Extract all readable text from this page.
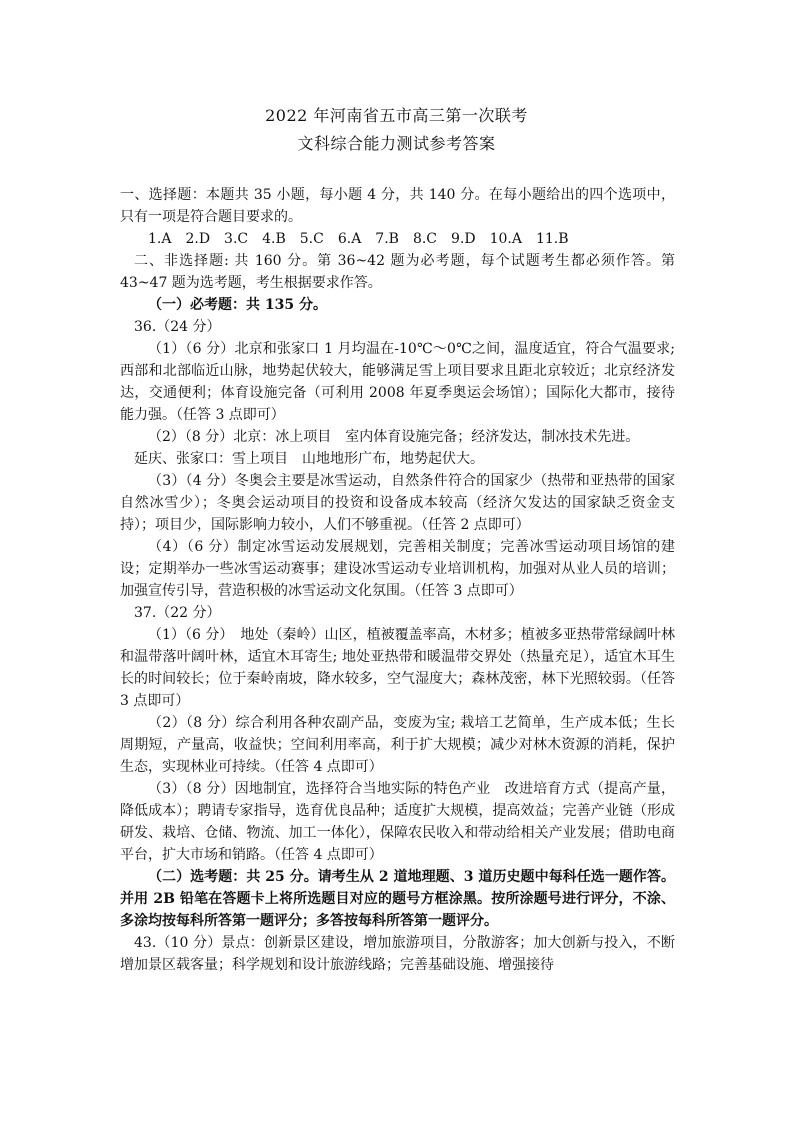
2022 年河南省五市高三第一次联考
文科综合能力测试参考答案

一、选择题：本题共 35 小题，每小题 4 分，共 140 分。在每小题给出的四个选项中，只有一项是符合题目要求的。

1.A　2.D　3.C　4.B　5.C　6.A　7.B　8.C　9.D　10.A　11.B

二、非选择题: 共 160 分。第 36~42 题为必考题，每个试题考生都必须作答。第 43~47 题为选考题，考生根据要求作答。

（一）必考题：共 135 分。

36.（24 分）

（1）（6 分）北京和张家口 1 月均温在-10℃～0℃之间，温度适宜，符合气温要求; 西部和北部临近山脉，地势起伏较大，能够满足雪上项目要求且距北京较近；北京经济发达，交通便利；体育设施完备（可利用 2008 年夏季奥运会场馆）；国际化大都市，接待能力强。（任答 3 点即可）

（2）（8 分）北京：冰上项目　室内体育设施完备；经济发达，制冰技术先进。

延庆、张家口：雪上项目　山地地形广布，地势起伏大。

（3）（4 分）冬奥会主要是冰雪运动，自然条件符合的国家少（热带和亚热带的国家自然冰雪少）；冬奥会运动项目的投资和设备成本较高（经济欠发达的国家缺乏资金支持）；项目少，国际影响力较小，人们不够重视。（任答 2 点即可）

（4）（6 分）制定冰雪运动发展规划，完善相关制度；完善冰雪运动项目场馆的建设；定期举办一些冰雪运动赛事；建设冰雪运动专业培训机构，加强对从业人员的培训；加强宣传引导，营造积极的冰雪运动文化氛围。（任答 3 点即可）

37.（22 分）

（1）（6 分）　地处（秦岭）山区，植被覆盖率高，木材多；植被多亚热带常绿阔叶林和温带落叶阔叶林，适宜木耳寄生; 地处亚热带和暖温带交界处（热量充足），适宜木耳生长的时间较长；位于秦岭南坡，降水较多，空气湿度大；森林茂密，林下光照较弱。（任答 3 点即可）

（2）（8 分）综合利用各种农副产品，变废为宝; 栽培工艺简单，生产成本低；生长周期短，产量高，收益快；空间利用率高，利于扩大规模；减少对林木资源的消耗，保护生态，实现林业可持续。（任答 4 点即可）

（3）（8 分）因地制宜，选择符合当地实际的特色产业　改进培育方式（提高产量，降低成本）；聘请专家指导，选育优良品种；适度扩大规模，提高效益；完善产业链（形成研发、栽培、仓储、物流、加工一体化），保障农民收入和带动给相关产业发展；借助电商平台，扩大市场和销路。（任答 4 点即可）

（二）选考题：共 25 分。请考生从 2 道地理题、3 道历史题中每科任选一题作答。并用 2B 铅笔在答题卡上将所选题目对应的题号方框涂黑。按所涂题号进行评分，不涂、多涂均按每科所答第一题评分；多答按每科所答第一题评分。

43.（10 分）景点：创新景区建设，增加旅游项目，分散游客；加大创新与投入，不断增加景区载客量；科学规划和设计旅游线路；完善基础设施、增强接待
